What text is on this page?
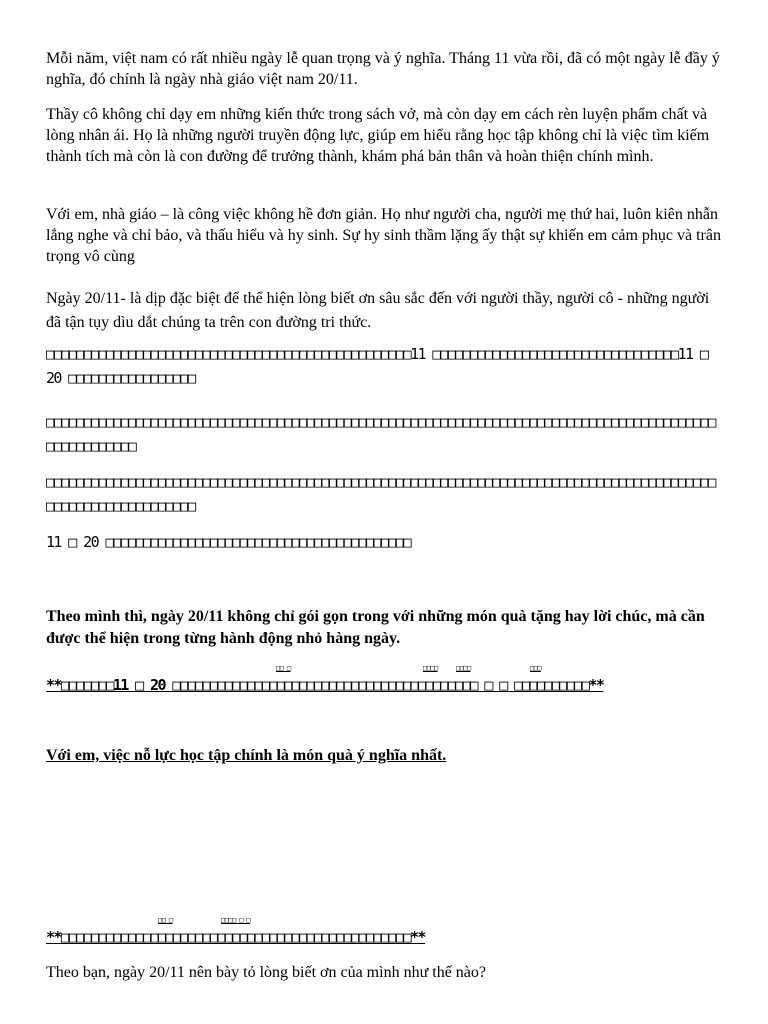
Mỗi năm, việt nam có rất nhiều ngày lễ quan trọng và ý nghĩa. Tháng 11 vừa rồi, đã có một ngày lễ đầy ý nghĩa, đó chính là ngày nhà giáo việt nam 20/11.

Thầy cô không chỉ dạy em những kiến thức trong sách vở, mà còn dạy em cách rèn luyện phẩm chất và lòng nhân ái. Họ là những người truyền động lực, giúp em hiểu rằng học tập không chỉ là việc tìm kiếm thành tích mà còn là con đường để trưởng thành, khám phá bản thân và hoàn thiện chính mình.

Với em, nhà giáo – là công việc không hề đơn giản. Họ như người cha, người mẹ thứ hai, luôn kiên nhẫn lắng nghe và chỉ bảo, và thấu hiểu và hy sinh. Sự hy sinh thầm lặng ấy thật sự khiến em cảm phục và trân trọng vô cùng

Ngày 20/11- là dịp đặc biệt để thể hiện lòng biết ơn sâu sắc đến với người thầy, người cô - những người đã tận tụy dìu dắt chúng ta trên con đường tri thức.

□□□□□□□□□□□□□□□□□□□□□□□□□□□□□□□□□□□□□□□□□□□□□□□□□11 □□□□□□□□□□□□□□□□□□□□□□□□□□□□□□□□□11 □ 20 □□□□□□□□□□□□□□□□□

□□□□□□□□□□□□□□□□□□□□□□□□□□□□□□□□□□□□□□□□□□□□□□□□□□□□□□□□□□□□□□□□□□□□□□□□□□□□□□□□□□□□□□□□□□□□□□□□□□□□□□

□□□□□□□□□□□□□□□□□□□□□□□□□□□□□□□□□□□□□□□□□□□□□□□□□□□□□□□□□□□□□□□□□□□□□□□□□□□□□□□□□□□□□□□□□□□□□□□□□□□□□□□□□□□□□□

11 □ 20 □□□□□□□□□□□□□□□□□□□□□□□□□□□□□□□□□□□□□□□□□

Theo mình thì, ngày 20/11 không chỉ gói gọn trong với những món quà tặng hay lời chúc, mà cần được thể hiện trong từng hành động nhỏ hàng ngày.

□□ □	□□□□	□□□□	□□□

**□□□□□□□11 □ 20 □□□□□□□□□□□□□□□□□□□□□□□□□□□□□□□□□□□□□□□□□ □ □ □□□□□□□□□□**

Với em, việc nỗ lực học tập chính là món quà ý nghĩa nhất.

□□ □	□□□□ □ □

**□□□□□□□□□□□□□□□□□□□□□□□□□□□□□□□□□□□□□□□□□□□□□□□**

Theo bạn, ngày 20/11 nên bày tỏ lòng biết ơn của mình như thế nào?
